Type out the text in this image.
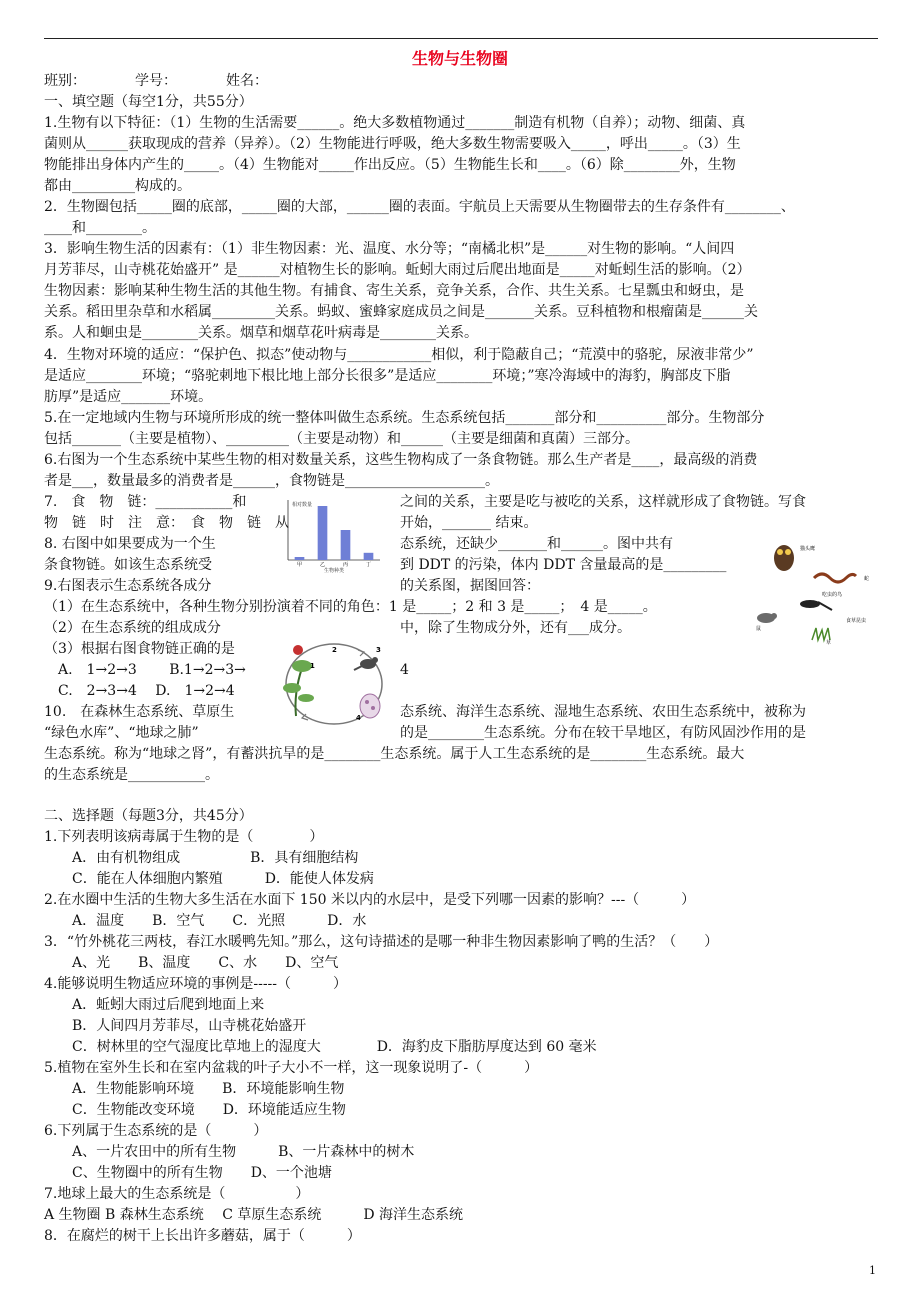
生物与生物圈
班别：　　　　学号：　　　　姓名：
一、填空题（每空1分，共55分）
1.生物有以下特征：（1）生物的生活需要______。绝大多数植物通过_______制造有机物（自养）；动物、细菌、真
菌则从______获取现成的营养（异养）。（2）生物能进行呼吸，绝大多数生物需要吸入_____，呼出_____。（3）生
物能排出身体内产生的_____。（4）生物能对_____作出反应。（5）生物能生长和____。（6）除________外，生物
都由_________构成的。
2．生物圈包括_____圈的底部，_____圈的大部，______圈的表面。宇航员上天需要从生物圈带去的生存条件有________、
____和________。
3．影响生物生活的因素有：（1）非生物因素：光、温度、水分等；“南橘北枳”是______对生物的影响。“人间四
月芳菲尽，山寺桃花始盛开” 是______对植物生长的影响。蚯蚓大雨过后爬出地面是_____对蚯蚓生活的影响。（2）
生物因素：影响某种生物生活的其他生物。有捕食、寄生关系，竞争关系，合作、共生关系。七星瓢虫和蚜虫，是
关系。稻田里杂草和水稻属_________关系。蚂蚁、蜜蜂家庭成员之间是_______关系。豆科植物和根瘤菌是______关
系。人和蛔虫是________关系。烟草和烟草花叶病毒是________关系。
4．生物对环境的适应：“保护色、拟态”使动物与____________相似，利于隐蔽自己；“荒漠中的骆驼，尿液非常少”
是适应________环境；“骆驼刺地下根比地上部分长很多”是适应________环境；”寒冷海域中的海豹，胸部皮下脂
肪厚”是适应_______环境。
5.在一定地域内生物与环境所形成的统一整体叫做生态系统。生态系统包括_______部分和__________部分。生物部分
包括_______（主要是植物）、_________（主要是动物）和______（主要是细菌和真菌）三部分。
6.右图为一个生态系统中某些生物的相对数量关系，这些生物构成了一条食物链。那么生产者是____，最高级的消费
者是___，数量最多的消费者是______，食物链是____________________。
7.　食　物　链：___________和
物　链　时　注　意：　食　物　链　从
8. 右图中如果要成为一个生
条食物链。如该生态系统受
9.右图表示生态系统各成分
（1）在生态系统中，各种生物分别扮演着不同的角色：1 是_____；2 和 3 是_____；　4 是_____。
（2）在生态系统的组成成分
（3）根据右图食物链正确的是
　A.　1→2→3　　 B.1→2→3→
　C.　2→3→4　 D.　1→2→4
10.　在森林生态系统、草原生
“绿色水库”、“地球之肺”
生态系统。称为“地球之肾”，有蓄洪抗旱的是________生态系统。属于人工生态系统的是________生态系统。最大
的生态系统是___________。
之间的关系，主要是吃与被吃的关系，这样就形成了食物链。写食
开始，_______ 结束。
态系统，还缺少_______和______。图中共有
到 DDT 的污染，体内 DDT 含量最高的是_________
的关系图，据图回答：
中，除了生物成分外，还有___成分。
4
态系统、海洋生态系统、湿地生态系统、农田生态系统中，被称为
的是________生态系统。分布在较干旱地区，有防风固沙作用的是
二、选择题（每题3分，共45分）
1.下列表明该病毒属于生物的是（　　　　）
　　A．由有机物组成　　　　　B．具有细胞结构
　　C．能在人体细胞内繁殖　　　D．能使人体发病
2.在水圈中生活的生物大多生活在水面下 150 米以内的水层中，是受下列哪一因素的影响？---（　　　）
　　A．温度　　B．空气　　C．光照　　　D．水
3．“竹外桃花三两枝，春江水暖鸭先知。”那么，这句诗描述的是哪一种非生物因素影响了鸭的生活？（　　）
　　A、光　　B、温度　　C、水　　D、空气
4.能够说明生物适应环境的事例是-----（　　　）
　　A．蚯蚓大雨过后爬到地面上来
　　B．人间四月芳菲尽，山寺桃花始盛开
　　C．树林里的空气湿度比草地上的湿度大　　　　D．海豹皮下脂肪厚度达到 60 毫米
5.植物在室外生长和在室内盆栽的叶子大小不一样，这一现象说明了-（　　　）
　　A．生物能影响环境　　B．环境能影响生物
　　C．生物能改变环境　　D．环境能适应生物
6.下列属于生态系统的是（　　　）
　　A、一片农田中的所有生物　　　B、一片森林中的树木
　　C、生物圈中的所有生物　　D、一个池塘
7.地球上最大的生态系统是（　　　　　）
A 生物圈 B 森林生态系统　 C 草原生态系统　　　D 海洋生态系统
8．在腐烂的树干上长出许多蘑菇，属于（　　　）
相对数量
生物种类
甲	乙	丙	丁
1
2	3
4
猫头鹰
蛇
吃虫的鸟
食草昆虫
鼠
草
1
